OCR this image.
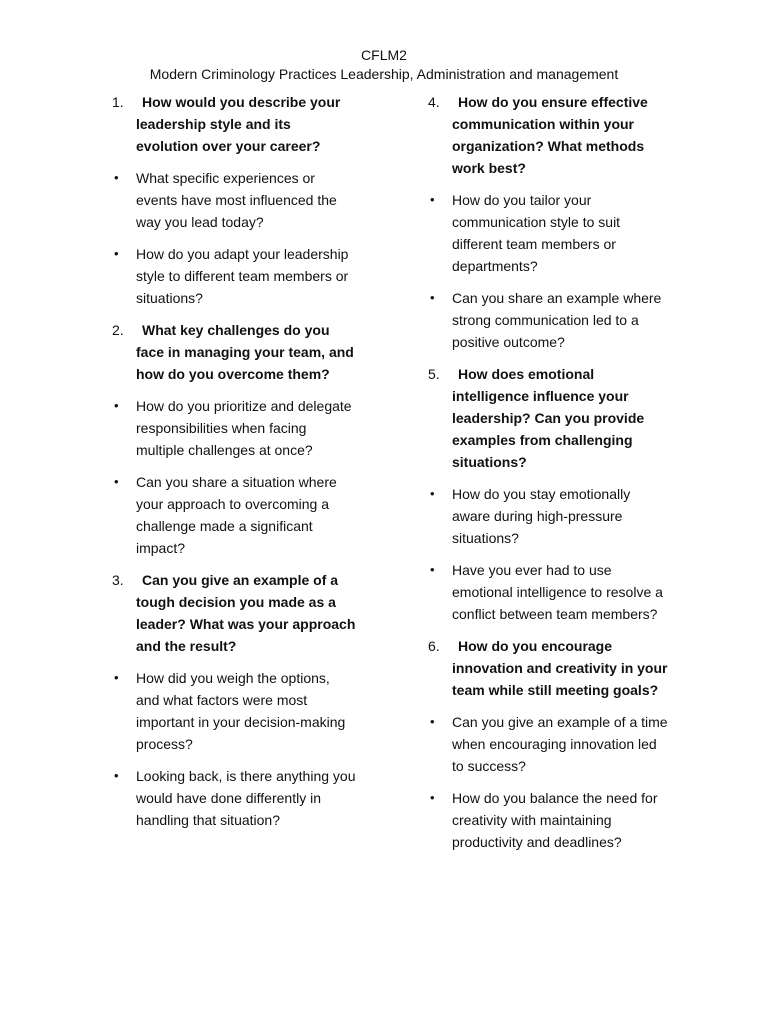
CFLM2
Modern Criminology Practices Leadership, Administration and management
1. How would you describe your leadership style and its evolution over your career?
• What specific experiences or events have most influenced the way you lead today?
• How do you adapt your leadership style to different team members or situations?
2. What key challenges do you face in managing your team, and how do you overcome them?
• How do you prioritize and delegate responsibilities when facing multiple challenges at once?
• Can you share a situation where your approach to overcoming a challenge made a significant impact?
3. Can you give an example of a tough decision you made as a leader? What was your approach and the result?
• How did you weigh the options, and what factors were most important in your decision-making process?
• Looking back, is there anything you would have done differently in handling that situation?
4. How do you ensure effective communication within your organization? What methods work best?
• How do you tailor your communication style to suit different team members or departments?
• Can you share an example where strong communication led to a positive outcome?
5. How does emotional intelligence influence your leadership? Can you provide examples from challenging situations?
• How do you stay emotionally aware during high-pressure situations?
• Have you ever had to use emotional intelligence to resolve a conflict between team members?
6. How do you encourage innovation and creativity in your team while still meeting goals?
• Can you give an example of a time when encouraging innovation led to success?
• How do you balance the need for creativity with maintaining productivity and deadlines?
